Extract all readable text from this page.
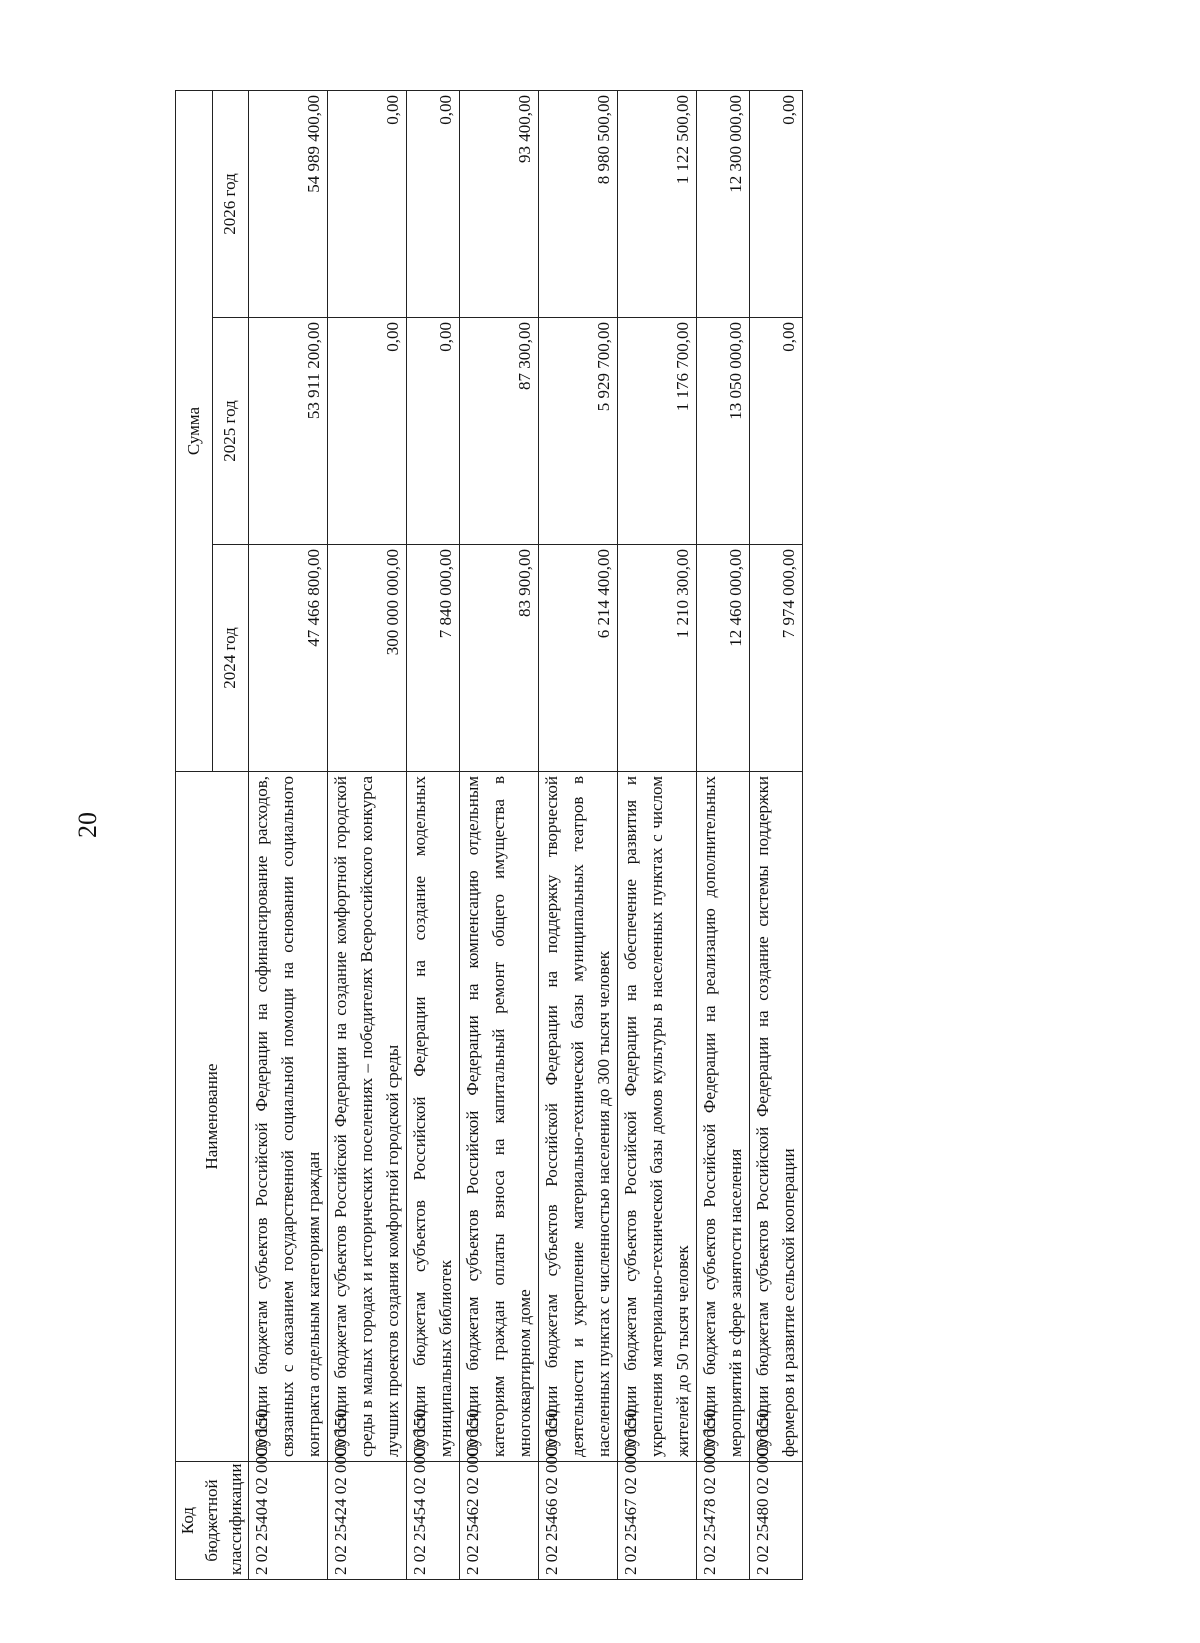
20
Код бюджетной классификации	Наименование	Сумма		
		2024 год	2025 год	2026 год
2 02 25404 02 0000 150	Субсидии бюджетам субъектов Российской Федерации на софинансирование расходов, связанных с оказанием государственной социальной помощи на основании социального контракта отдельным категориям граждан	47 466 800,00	53 911 200,00	54 989 400,00
2 02 25424 02 0000 150	Субсидии бюджетам субъектов Российской Федерации на создание комфортной городской среды в малых городах и исторических поселениях – победителях Всероссийского конкурса лучших проектов создания комфортной городской среды	300 000 000,00	0,00	0,00
2 02 25454 02 0000 150	Субсидии бюджетам субъектов Российской Федерации на создание модельных муниципальных библиотек	7 840 000,00	0,00	0,00
2 02 25462 02 0000 150	Субсидии бюджетам субъектов Российской Федерации на компенсацию отдельным категориям граждан оплаты взноса на капитальный ремонт общего имущества в многоквартирном доме	83 900,00	87 300,00	93 400,00
2 02 25466 02 0000 150	Субсидии бюджетам субъектов Российской Федерации на поддержку творческой деятельности и укрепление материально-технической базы муниципальных театров в населенных пунктах с численностью населения до 300 тысяч человек	6 214 400,00	5 929 700,00	8 980 500,00
2 02 25467 02 0000 150	Субсидии бюджетам субъектов Российской Федерации на обеспечение развития и укрепления материально-технической базы домов культуры в населенных пунктах с числом жителей до 50 тысяч человек	1 210 300,00	1 176 700,00	1 122 500,00
2 02 25478 02 0000 150	Субсидии бюджетам субъектов Российской Федерации на реализацию дополнительных мероприятий в сфере занятости населения	12 460 000,00	13 050 000,00	12 300 000,00
2 02 25480 02 0000 150	Субсидии бюджетам субъектов Российской Федерации на создание системы поддержки фермеров и развитие сельской кооперации	7 974 000,00	0,00	0,00
